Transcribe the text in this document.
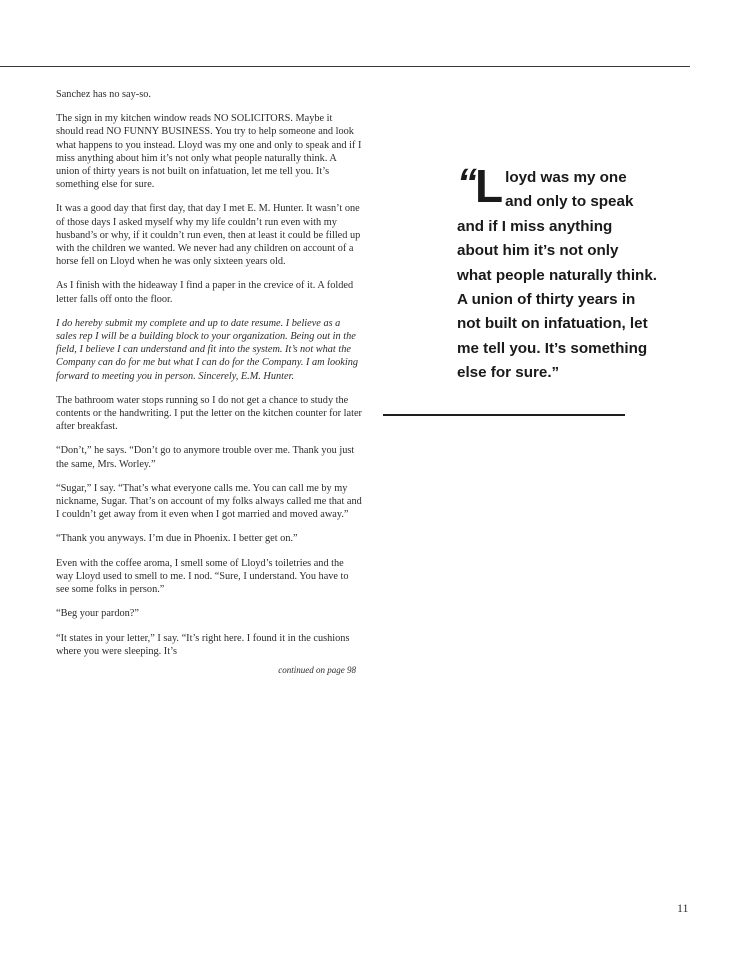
Sanchez has no say-so.

The sign in my kitchen window reads NO SOLICITORS. Maybe it should read NO FUNNY BUSINESS. You try to help someone and look what happens to you instead. Lloyd was my one and only to speak and if I miss anything about him it’s not only what people naturally think. A union of thirty years is not built on infatuation, let me tell you. It’s something else for sure.

It was a good day that first day, that day I met E. M. Hunter. It wasn’t one of those days I asked myself why my life couldn’t run even with my husband’s or why, if it couldn’t run even, then at least it could be filled up with the children we wanted. We never had any children on account of a horse fell on Lloyd when he was only sixteen years old.

As I finish with the hideaway I find a paper in the crevice of it. A folded letter falls off onto the floor.

I do hereby submit my complete and up to date resume. I believe as a sales rep I will be a building block to your organization. Being out in the field, I believe I can understand and fit into the system. It’s not what the Company can do for me but what I can do for the Company. I am looking forward to meeting you in person. Sincerely, E.M. Hunter.

The bathroom water stops running so I do not get a chance to study the contents or the handwriting. I put the letter on the kitchen counter for later after breakfast.

“Don’t,” he says. “Don’t go to anymore trouble over me. Thank you just the same, Mrs. Worley.”

“Sugar,” I say. “That’s what everyone calls me. You can call me by my nickname, Sugar. That’s on account of my folks always called me that and I couldn’t get away from it even when I got married and moved away.”

“Thank you anyways. I’m due in Phoenix. I better get on.”

Even with the coffee aroma, I smell some of Lloyd’s toiletries and the way Lloyd used to smell to me. I nod. “Sure, I understand. You have to see some folks in person.”

“Beg your pardon?”

“It states in your letter,” I say. “It’s right here. I found it in the cushions where you were sleeping. It’s

continued on page 98
“ L loyd was my one and only to speak and if I miss anything about him it’s not only what people naturally think. A union of thirty years in not built on infatuation, let me tell you. It’s something else for sure.”
11
